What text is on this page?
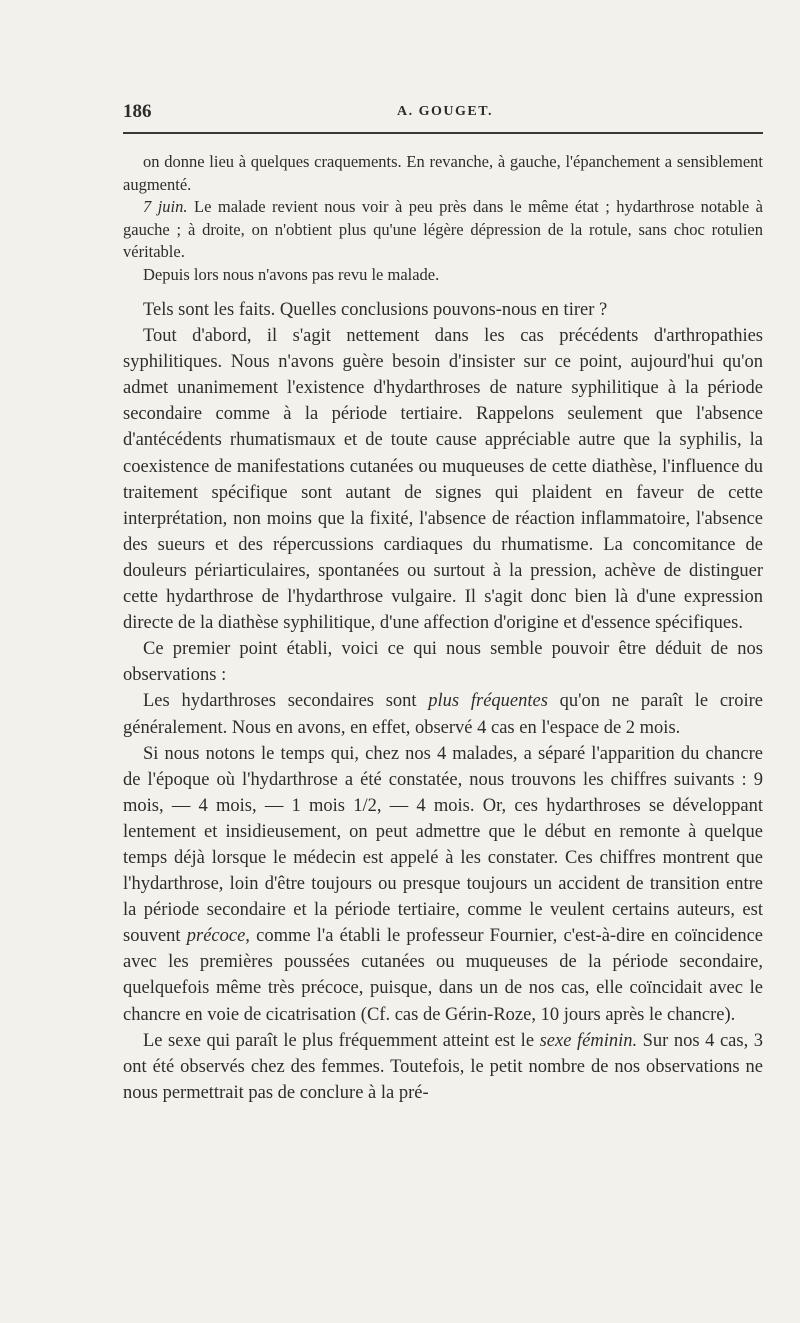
186	A. GOUGET.

on donne lieu à quelques craquements. En revanche, à gauche, l'épanchement a sensiblement augmenté.

7 juin. Le malade revient nous voir à peu près dans le même état ; hydarthrose notable à gauche ; à droite, on n'obtient plus qu'une légère dépression de la rotule, sans choc rotulien véritable.

Depuis lors nous n'avons pas revu le malade.

Tels sont les faits. Quelles conclusions pouvons-nous en tirer ?

Tout d'abord, il s'agit nettement dans les cas précédents d'arthropathies syphilitiques. Nous n'avons guère besoin d'insister sur ce point, aujourd'hui qu'on admet unanimement l'existence d'hydarthroses de nature syphilitique à la période secondaire comme à la période tertiaire. Rappelons seulement que l'absence d'antécédents rhumatismaux et de toute cause appréciable autre que la syphilis, la coexistence de manifestations cutanées ou muqueuses de cette diathèse, l'influence du traitement spécifique sont autant de signes qui plaident en faveur de cette interprétation, non moins que la fixité, l'absence de réaction inflammatoire, l'absence des sueurs et des répercussions cardiaques du rhumatisme. La concomitance de douleurs périarticulaires, spontanées ou surtout à la pression, achève de distinguer cette hydarthrose de l'hydarthrose vulgaire. Il s'agit donc bien là d'une expression directe de la diathèse syphilitique, d'une affection d'origine et d'essence spécifiques.

Ce premier point établi, voici ce qui nous semble pouvoir être déduit de nos observations :

Les hydarthroses secondaires sont plus fréquentes qu'on ne paraît le croire généralement. Nous en avons, en effet, observé 4 cas en l'espace de 2 mois.

Si nous notons le temps qui, chez nos 4 malades, a séparé l'apparition du chancre de l'époque où l'hydarthrose a été constatée, nous trouvons les chiffres suivants : 9 mois, — 4 mois, — 1 mois 1/2, — 4 mois. Or, ces hydarthroses se développant lentement et insidieusement, on peut admettre que le début en remonte à quelque temps déjà lorsque le médecin est appelé à les constater. Ces chiffres montrent que l'hydarthrose, loin d'être toujours ou presque toujours un accident de transition entre la période secondaire et la période tertiaire, comme le veulent certains auteurs, est souvent précoce, comme l'a établi le professeur Fournier, c'est-à-dire en coïncidence avec les premières poussées cutanées ou muqueuses de la période secondaire, quelquefois même très précoce, puisque, dans un de nos cas, elle coïncidait avec le chancre en voie de cicatrisation (Cf. cas de Gérin-Roze, 10 jours après le chancre).

Le sexe qui paraît le plus fréquemment atteint est le sexe féminin. Sur nos 4 cas, 3 ont été observés chez des femmes. Toutefois, le petit nombre de nos observations ne nous permettrait pas de conclure à la pré-
